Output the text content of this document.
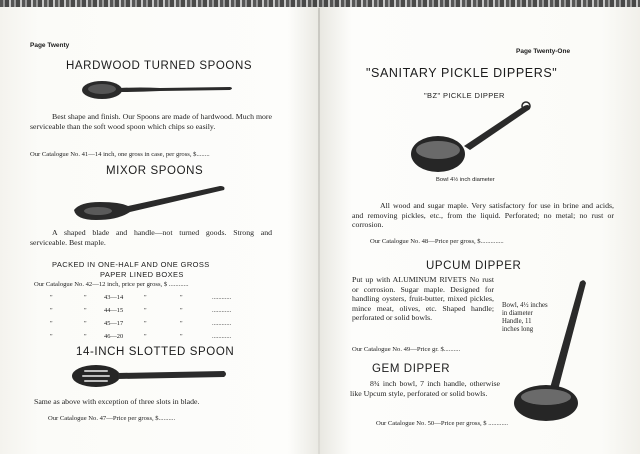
Page Twenty

HARDWOOD TURNED SPOONS

Best shape and finish. Our Spoons are made of hardwood. Much more serviceable than the soft wood spoon which chips so easily.

Our Catalogue No. 41—14 inch, one gross in case, per gross, $........

MIXOR SPOONS

A shaped blade and handle—not turned goods. Strong and serviceable. Best maple.

PACKED IN ONE-HALF AND ONE GROSS

PAPER LINED BOXES

Our Catalogue No. 42—12 inch, price per gross, $ ............

"	"	43—14	"	"	............
"	"	44—15	"	"	............
"	"	45—17	"	"	............
"	"	46—20	"	"	............

14-INCH SLOTTED SPOON

Same as above with exception of three slots in blade.

Our Catalogue No. 47—Price per gross, $..........

Page Twenty-One

"SANITARY PICKLE DIPPERS"

"BZ" PICKLE DIPPER

Bowl 4½ inch diameter

All wood and sugar maple. Very satisfactory for use in brine and acids, and removing pickles, etc., from the liquid. Perforated; no metal; no rust or corrosion.

Our Catalogue No. 48—Price per gross, $..............

UPCUM DIPPER

Put up with ALUMINUM RIVETS No rust or corrosion. Sugar maple. Designed for handling oysters, fruit-butter, mixed pickles, mince meat, olives, etc. Shaped handle; perforated or solid bowls.

Bowl, 4½ inches in diameter Handle, 11 inches long

Our Catalogue No. 49—Price gr. $..........

GEM DIPPER

8¾ inch bowl, 7 inch handle, otherwise like Upcum style, perforated or solid bowls.

Our Catalogue No. 50—Price per gross, $ ............
